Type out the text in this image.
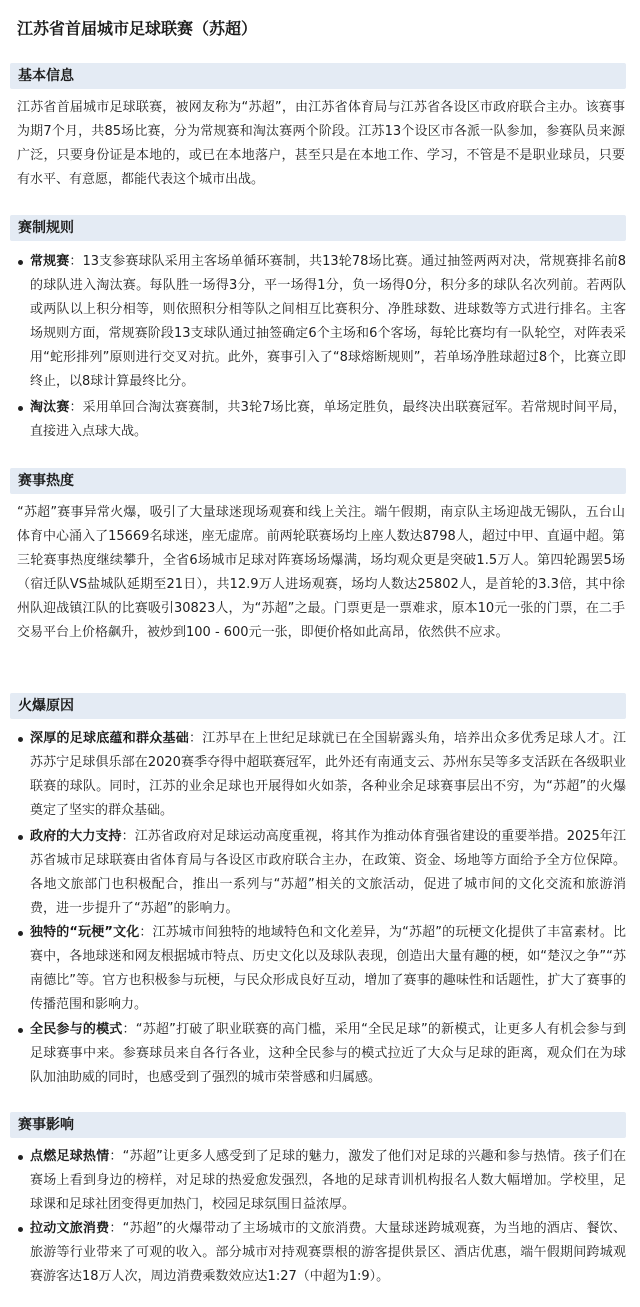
江苏省首届城市足球联赛（苏超）
基本信息

江苏省首届城市足球联赛，被网友称为“苏超”，由江苏省体育局与江苏省各设区市政府联合主办。该赛事为期7个月，共85场比赛，分为常规赛和淘汰赛两个阶段。江苏13个设区市各派一队参加，参赛队员来源广泛，只要身份证是本地的，或已在本地落户，甚至只是在本地工作、学习，不管是不是职业球员，只要有水平、有意愿，都能代表这个城市出战。

赛制规则
常规赛：13支参赛球队采用主客场单循环赛制，共13轮78场比赛。通过抽签两两对决，常规赛排名前8的球队进入淘汰赛。每队胜一场得3分，平一场得1分，负一场得0分，积分多的球队名次列前。若两队或两队以上积分相等，则依照积分相等队之间相互比赛积分、净胜球数、进球数等方式进行排名。主客场规则方面，常规赛阶段13支球队通过抽签确定6个主场和6个客场，每轮比赛均有一队轮空，对阵表采用“蛇形排列”原则进行交叉对抗。此外，赛事引入了“8球熔断规则”，若单场净胜球超过8个，比赛立即终止，以8球计算最终比分。
淘汰赛：采用单回合淘汰赛赛制，共3轮7场比赛，单场定胜负，最终决出联赛冠军。若常规时间平局，直接进入点球大战。
赛事热度

“苏超”赛事异常火爆，吸引了大量球迷现场观赛和线上关注。端午假期，南京队主场迎战无锡队，五台山体育中心涌入了15669名球迷，座无虚席。前两轮联赛场均上座人数达8798人，超过中甲、直逼中超。第三轮赛事热度继续攀升，全省6场城市足球对阵赛场场爆满，场均观众更是突破1.5万人。第四轮踢罢5场（宿迁队VS盐城队延期至21日），共12.9万人进场观赛，场均人数达25802人，是首轮的3.3倍，其中徐州队迎战镇江队的比赛吸引30823人，为“苏超”之最。门票更是一票难求，原本10元一张的门票，在二手交易平台上价格飙升，被炒到100 - 600元一张，即便价格如此高昂，依然供不应求。

火爆原因
深厚的足球底蕴和群众基础：江苏早在上世纪足球就已在全国崭露头角，培养出众多优秀足球人才。江苏苏宁足球俱乐部在2020赛季夺得中超联赛冠军，此外还有南通支云、苏州东吴等多支活跃在各级职业联赛的球队。同时，江苏的业余足球也开展得如火如荼，各种业余足球赛事层出不穷，为“苏超”的火爆奠定了坚实的群众基础。
政府的大力支持：江苏省政府对足球运动高度重视，将其作为推动体育强省建设的重要举措。2025年江苏省城市足球联赛由省体育局与各设区市政府联合主办，在政策、资金、场地等方面给予全方位保障。各地文旅部门也积极配合，推出一系列与“苏超”相关的文旅活动，促进了城市间的文化交流和旅游消费，进一步提升了“苏超”的影响力。
独特的“玩梗”文化：江苏城市间独特的地域特色和文化差异，为“苏超”的玩梗文化提供了丰富素材。比赛中，各地球迷和网友根据城市特点、历史文化以及球队表现，创造出大量有趣的梗，如“楚汉之争”“苏南德比”等。官方也积极参与玩梗，与民众形成良好互动，增加了赛事的趣味性和话题性，扩大了赛事的传播范围和影响力。
全民参与的模式：“苏超”打破了职业联赛的高门槛，采用“全民足球”的新模式，让更多人有机会参与到足球赛事中来。参赛球员来自各行各业，这种全民参与的模式拉近了大众与足球的距离，观众们在为球队加油助威的同时，也感受到了强烈的城市荣誉感和归属感。
赛事影响
点燃足球热情：“苏超”让更多人感受到了足球的魅力，激发了他们对足球的兴趣和参与热情。孩子们在赛场上看到身边的榜样，对足球的热爱愈发强烈，各地的足球青训机构报名人数大幅增加。学校里，足球课和足球社团变得更加热门，校园足球氛围日益浓厚。
拉动文旅消费：“苏超”的火爆带动了主场城市的文旅消费。大量球迷跨城观赛，为当地的酒店、餐饮、旅游等行业带来了可观的收入。部分城市对持观赛票根的游客提供景区、酒店优惠，端午假期间跨城观赛游客达18万人次，周边消费乘数效应达1:27（中超为1:9）。
